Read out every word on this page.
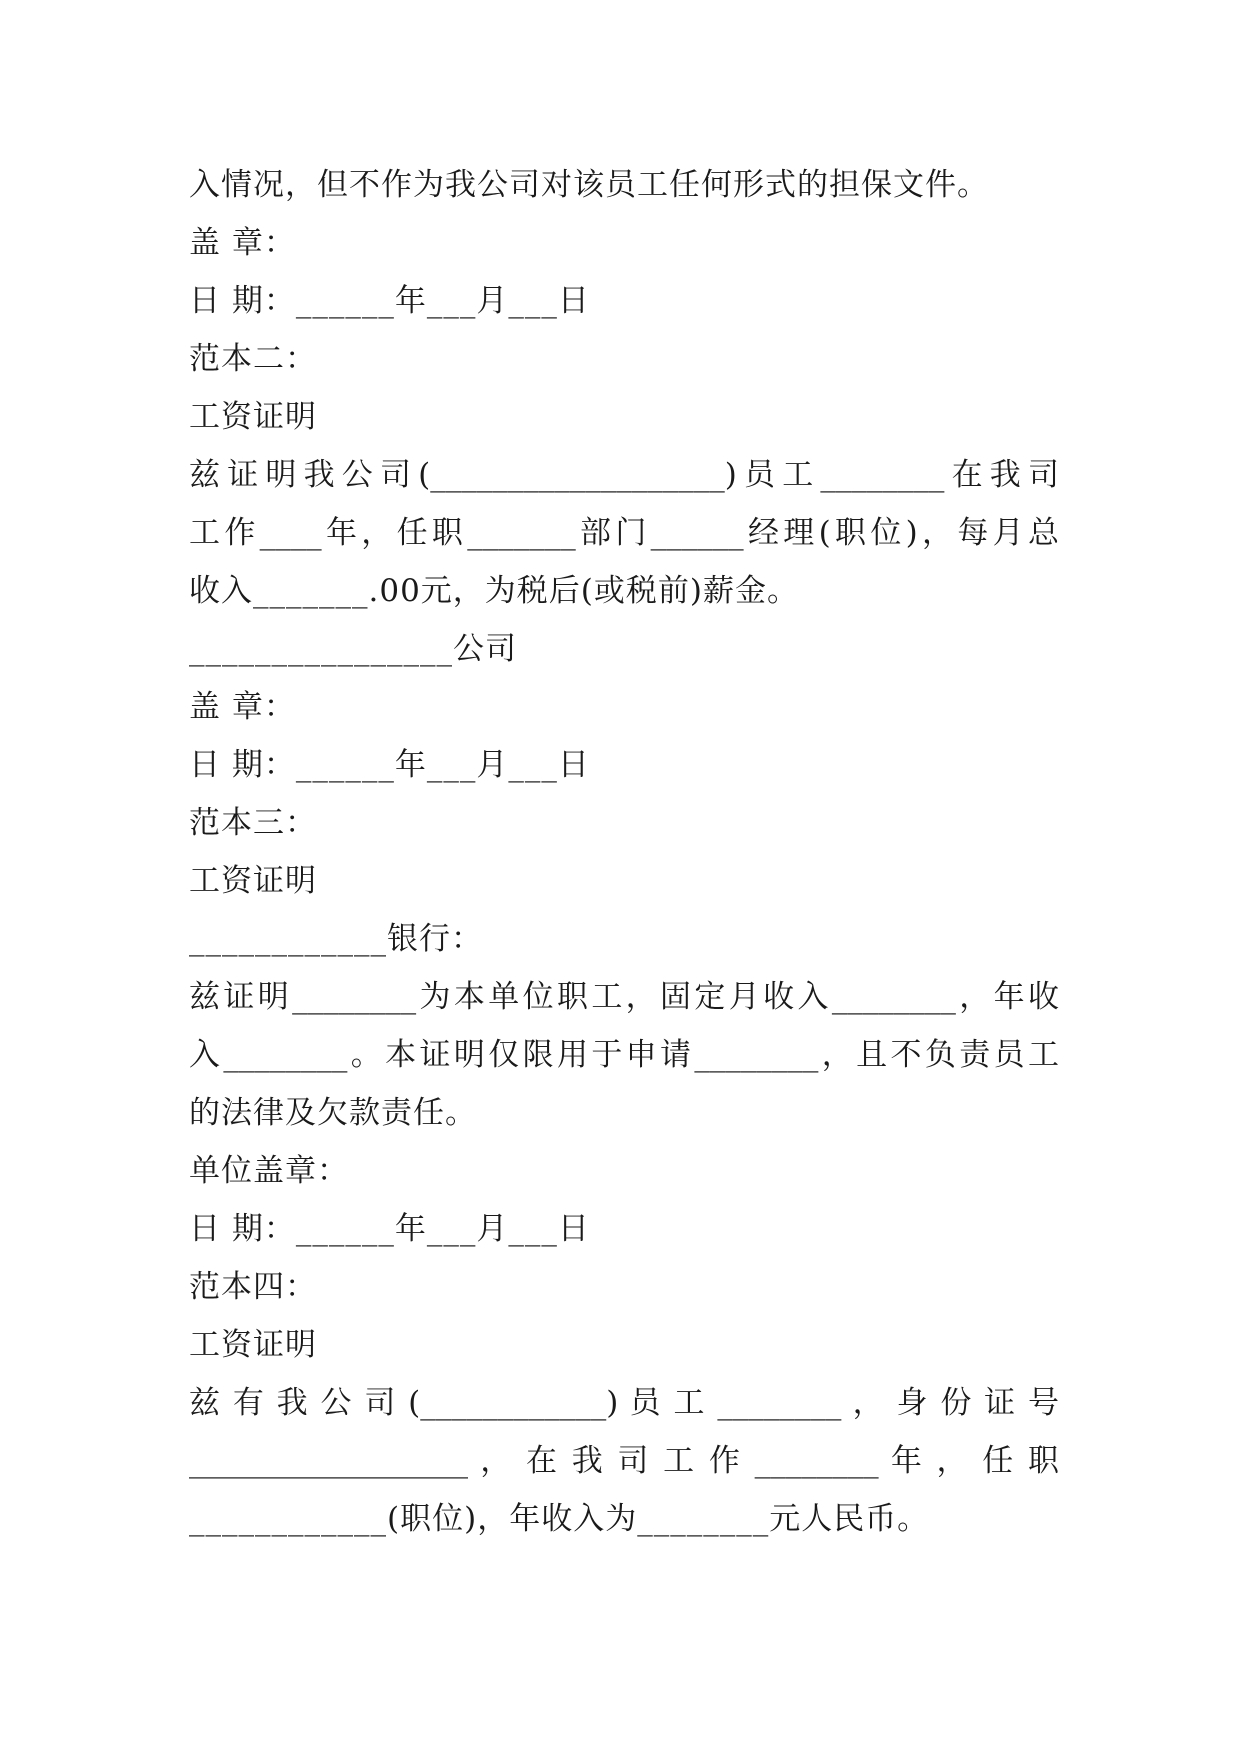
入情况，但不作为我公司对该员工任何形式的担保文件。
盖 章：
日 期：______年___月___日
范本二：
工资证明
兹证明我公司(___________________)员工________在我司
工作____年，任职_______部门______经理(职位)，每月总
收入_______.00元，为税后(或税前)薪金。
________________公司
盖 章：
日 期：______年___月___日
范本三：
工资证明
____________银行：
兹证明________为本单位职工，固定月收入________，年收
入________。本证明仅限用于申请________，且不负责员工
的法律及欠款责任。
单位盖章：
日 期：______年___月___日
范本四：
工资证明
兹 有 我 公 司 (____________) 员 工 ________ ， 身 份 证 号
__________________ ， 在 我 司 工 作 ________ 年 ， 任 职
____________(职位)，年收入为________元人民币。
